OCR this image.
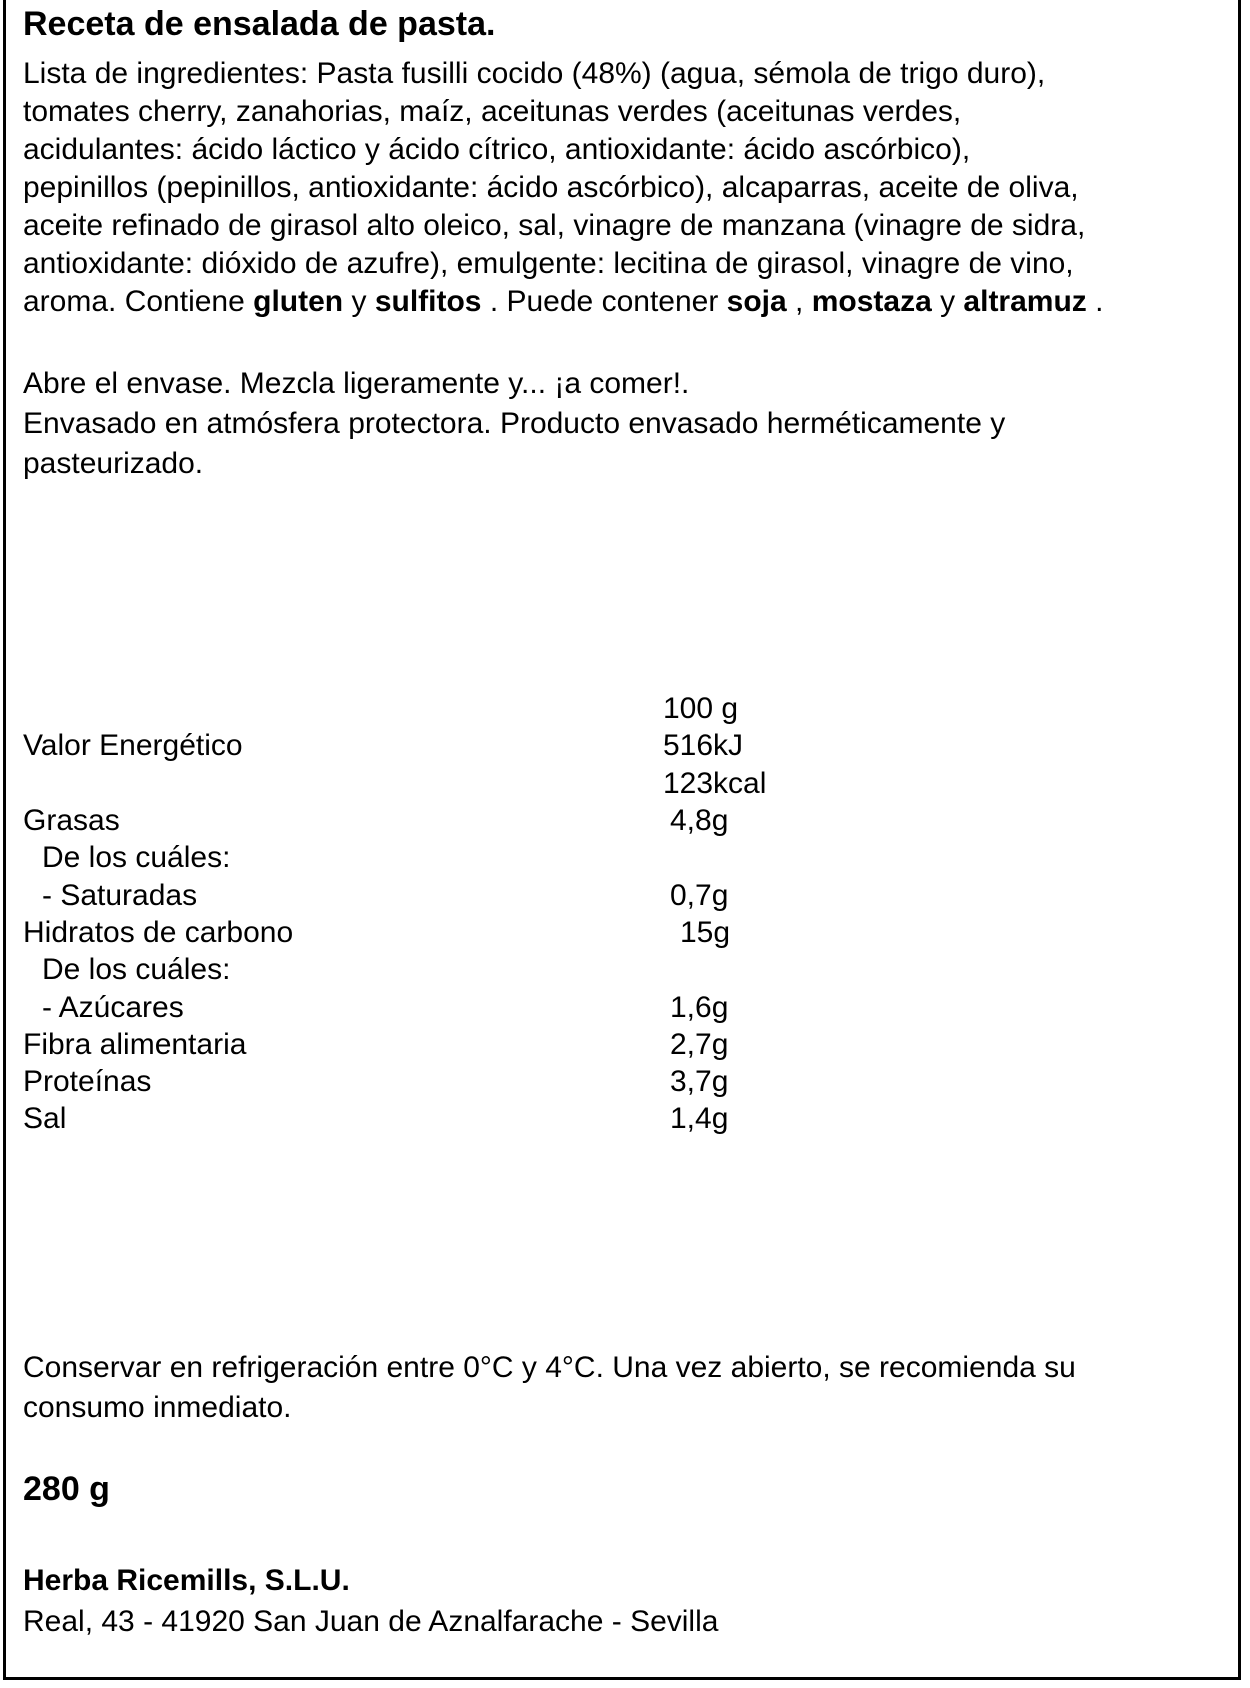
Receta de ensalada de pasta.
Lista de ingredientes: Pasta fusilli cocido (48%) (agua, sémola de trigo duro),
tomates cherry, zanahorias, maíz, aceitunas verdes (aceitunas verdes,
acidulantes: ácido láctico y ácido cítrico, antioxidante: ácido ascórbico),
pepinillos (pepinillos, antioxidante: ácido ascórbico), alcaparras, aceite de oliva,
aceite refinado de girasol alto oleico, sal, vinagre de manzana (vinagre de sidra,
antioxidante: dióxido de azufre), emulgente: lecitina de girasol, vinagre de vino,
aroma. Contiene gluten y sulfitos . Puede contener soja , mostaza y altramuz .

Abre el envase. Mezcla ligeramente y... ¡a comer!.

Envasado en atmósfera protectora. Producto envasado herméticamente y

pasteurizado.

100 g
Valor Energético	516kJ
123kcal
Grasas	4,8g
De los cuáles:
- Saturadas	0,7g
Hidratos de carbono	15g
De los cuáles:
- Azúcares	1,6g
Fibra alimentaria	2,7g
Proteínas	3,7g
Sal	1,4g

Conservar en refrigeración entre 0°C y 4°C. Una vez abierto, se recomienda su

consumo inmediato.

280 g
Herba Ricemills, S.L.U.
Real, 43 - 41920 San Juan de Aznalfarache - Sevilla
